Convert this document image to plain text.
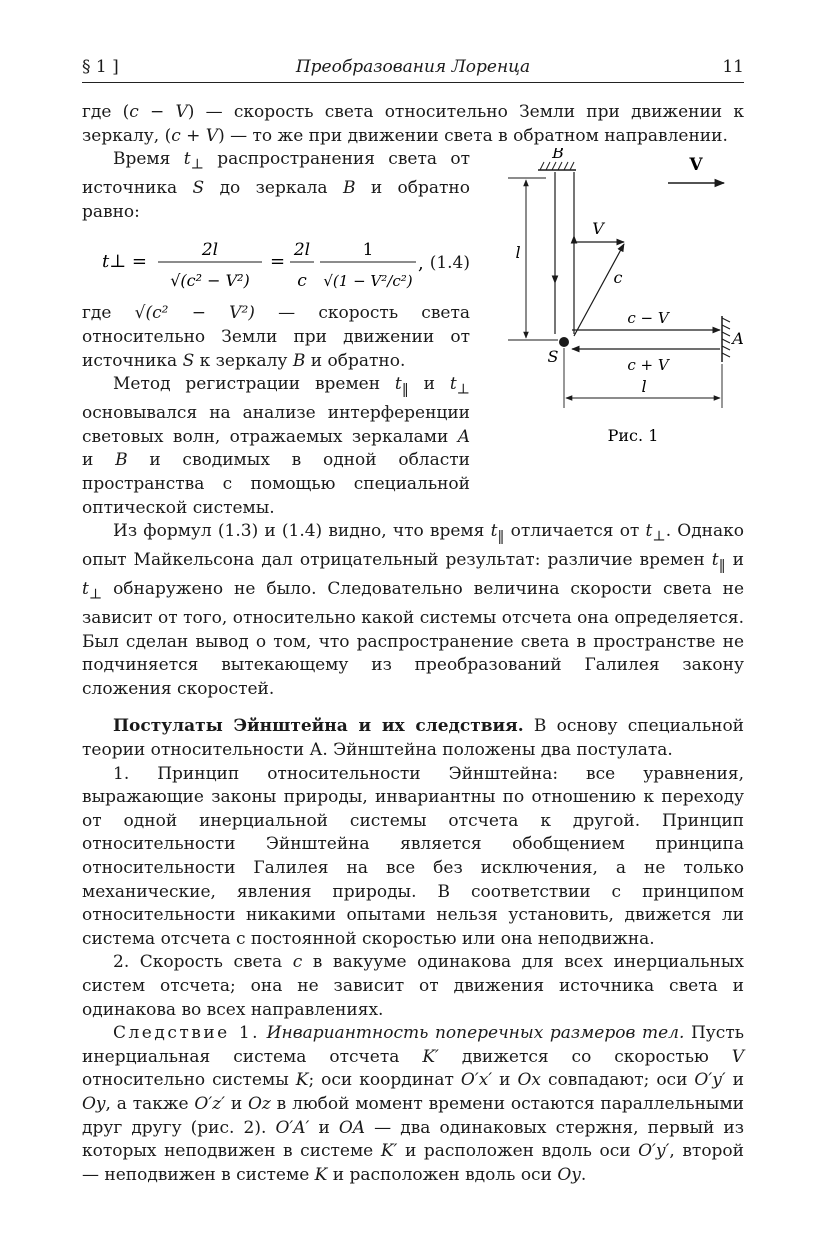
§ 1 ]	Преобразования Лоренца	11

где (c − V) — скорость света относительно Земли при движении к зеркалу, (c + V) — то же при движении света в обратном направлении.

Время $t_\perp$ распространения света от источника S до зеркала B и обратно равно:

t⊥ =
2l
√(c² − V²)
=
2l
c
1
√(1 − V²/c²)
, (1.4)

где √(c² − V²) — скорость света относительно Земли при движении от источника S к зеркалу B и обратно.

Метод регистрации времен $t_‖$ и $t_\perp$ основывался на анализе интерференции световых волн, отражаемых зеркалами A и B и сводимых в одной области пространства с помощью специальной оптической системы.

B
V
l
V
c
S
c − V
c + V
A
l
Рис. 1

Из формул (1.3) и (1.4) видно, что время $t_‖$ отличается от $t_\perp$. Однако опыт Майкельсона дал отрицательный результат: различие времен $t_‖$ и $t_\perp$ обнаружено не было. Следовательно величина скорости света не зависит от того, относительно какой системы отсчета она определяется. Был сделан вывод о том, что распространение света в пространстве не подчиняется вытекающему из преобразований Галилея закону сложения скоростей.

Постулаты Эйнштейна и их следствия. В основу специальной теории относительности А. Эйнштейна положены два постулата.

1. Принцип относительности Эйнштейна: все уравнения, выражающие законы природы, инвариантны по отношению к переходу от одной инерциальной системы отсчета к другой. Принцип относительности Эйнштейна является обобщением принципа относительности Галилея на все без исключения, а не только механические, явления природы. В соответствии с принципом относительности никакими опытами нельзя установить, движется ли система отсчета с постоянной скоростью или она неподвижна.

2. Скорость света c в вакууме одинакова для всех инерциальных систем отсчета; она не зависит от движения источника света и одинакова во всех направлениях.

Следствие 1. Инвариантность поперечных размеров тел. Пусть инерциальная система отсчета K′ движется со скоростью V относительно системы K; оси координат O′x′ и Ox совпадают; оси O′y′ и Oy, а также O′z′ и Oz в любой момент времени остаются параллельными друг другу (рис. 2). O′A′ и OA — два одинаковых стержня, первый из которых неподвижен в системе K′ и расположен вдоль оси O′y′, второй — неподвижен в системе K и расположен вдоль оси Oy.
